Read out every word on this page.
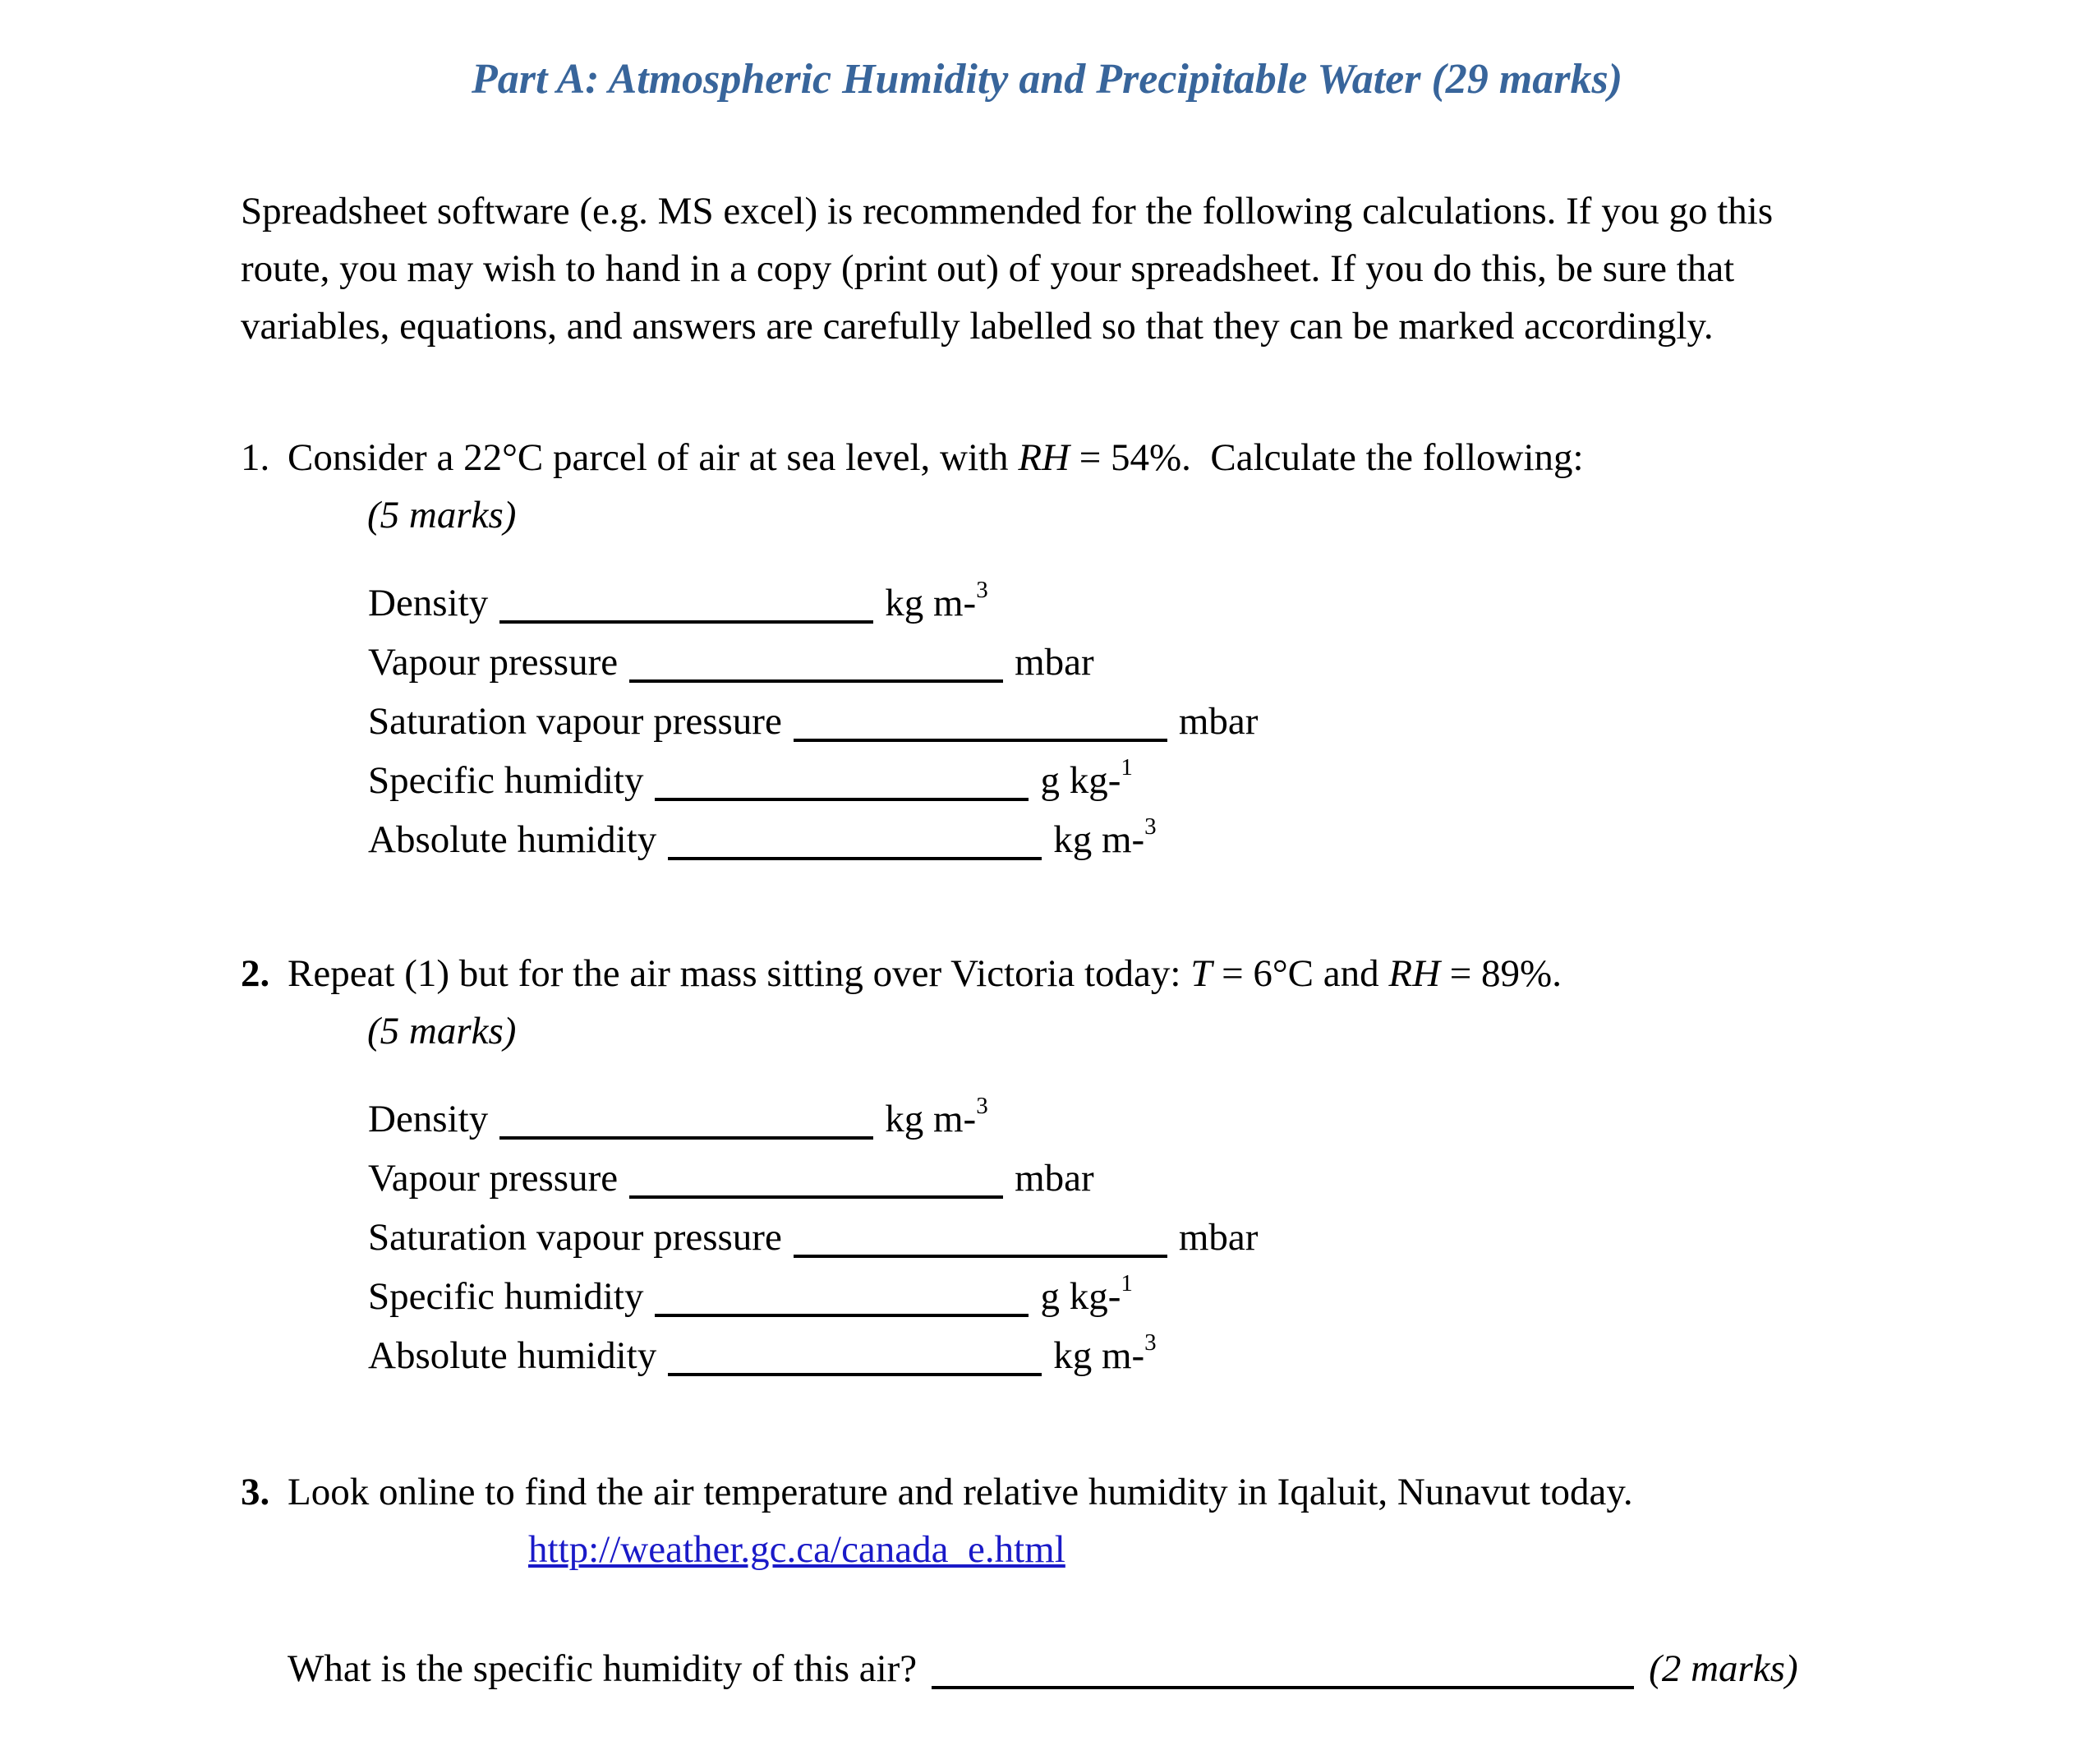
Part A: Atmospheric Humidity and Precipitable Water (29 marks)
Spreadsheet software (e.g. MS excel) is recommended for the following calculations. If you go this
route, you may wish to hand in a copy (print out) of your spreadsheet. If you do this, be sure that
variables, equations, and answers are carefully labelled so that they can be marked accordingly.
1. Consider a 22°C parcel of air at sea level, with RH = 54%.  Calculate the following:
(5 marks)
Density	kg m-$^3$
Vapour pressure	mbar
Saturation vapour pressure	mbar
Specific humidity	g kg-$^1$
Absolute humidity	kg m-$^3$
2. Repeat (1) but for the air mass sitting over Victoria today: T = 6°C and RH = 89%.
(5 marks)
Density	kg m-$^3$
Vapour pressure	mbar
Saturation vapour pressure	mbar
Specific humidity	g kg-$^1$
Absolute humidity	kg m-$^3$
3. Look online to find the air temperature and relative humidity in Iqaluit, Nunavut today.
http://weather.gc.ca/canada_e.html
What is the specific humidity of this air?	(2 marks)
